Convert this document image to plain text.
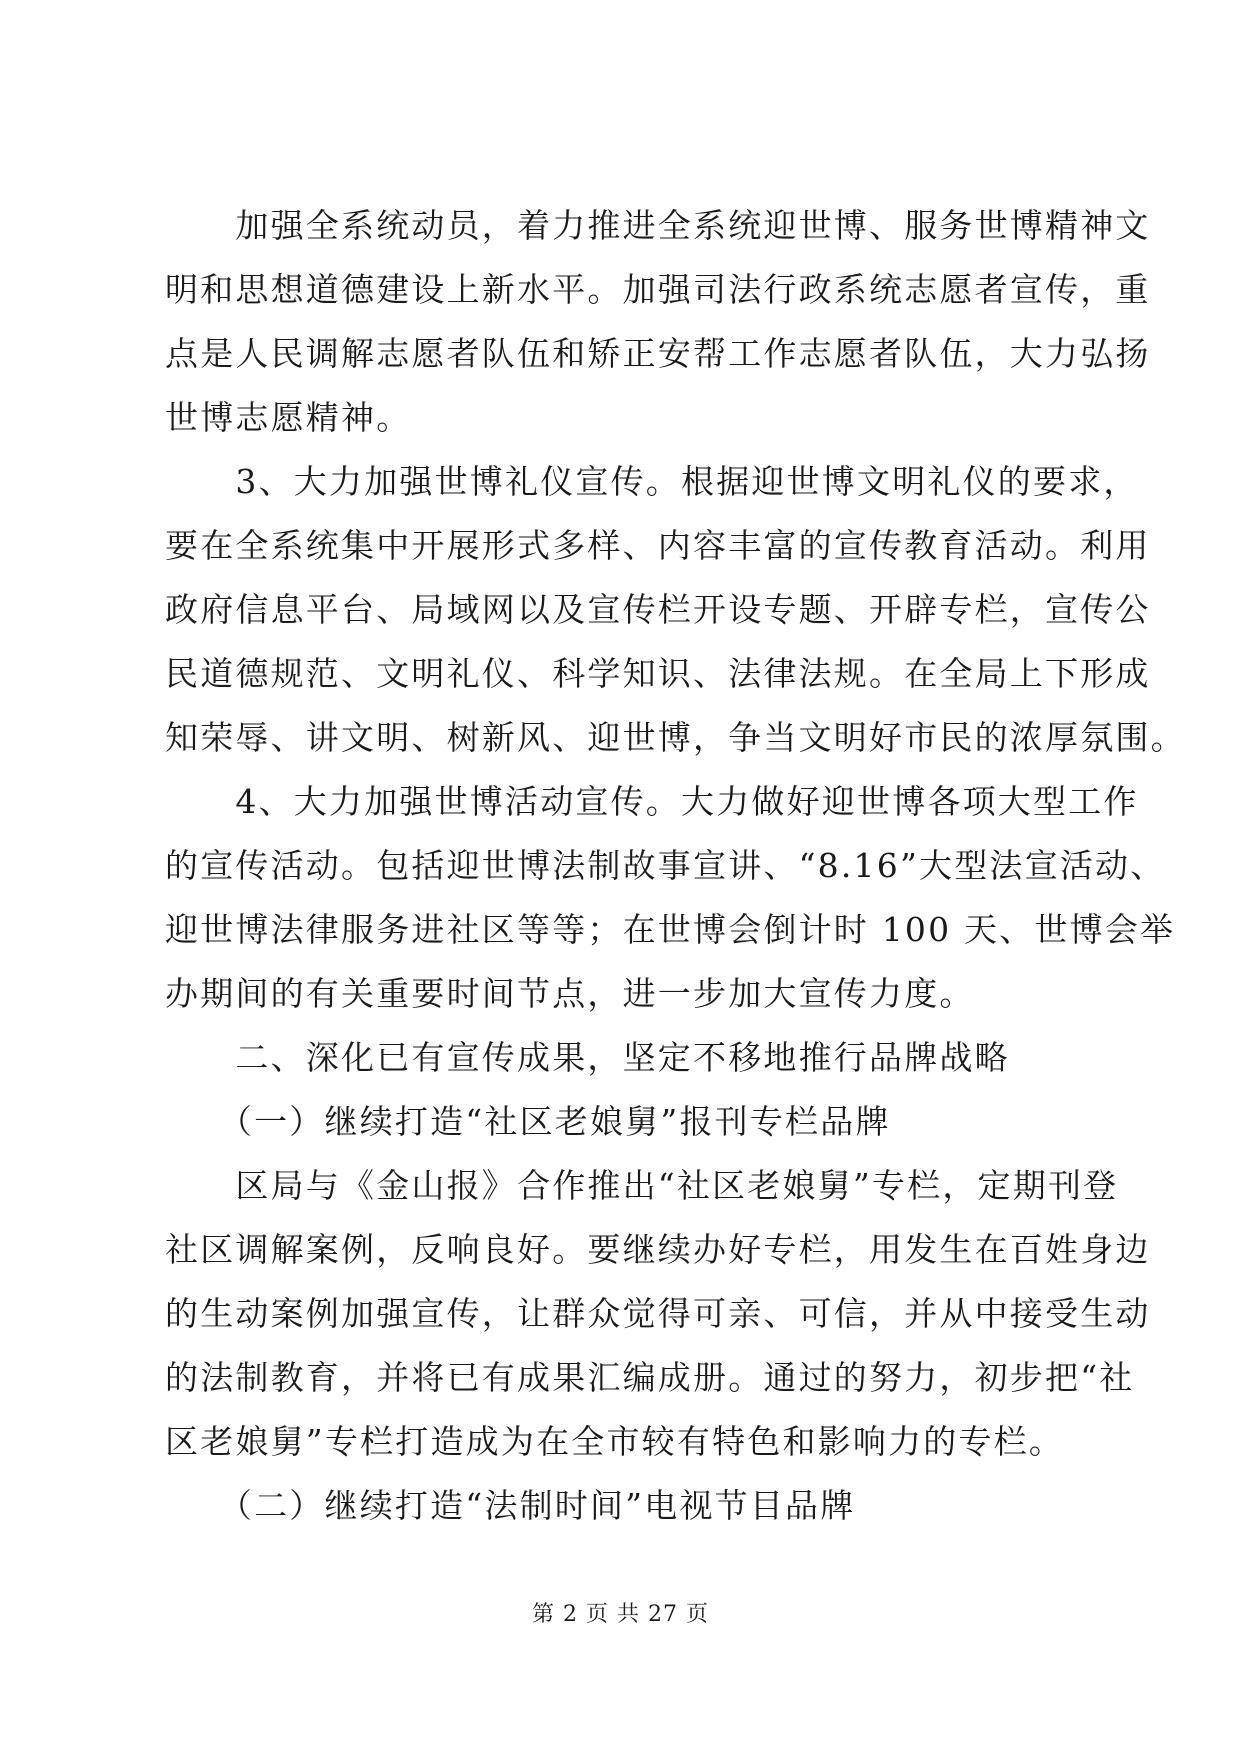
　　加强全系统动员，着力推进全系统迎世博、服务世博精神文
明和思想道德建设上新水平。加强司法行政系统志愿者宣传，重
点是人民调解志愿者队伍和矫正安帮工作志愿者队伍，大力弘扬
世博志愿精神。
　　3、大力加强世博礼仪宣传。根据迎世博文明礼仪的要求，
要在全系统集中开展形式多样、内容丰富的宣传教育活动。利用
政府信息平台、局域网以及宣传栏开设专题、开辟专栏，宣传公
民道德规范、文明礼仪、科学知识、法律法规。在全局上下形成
知荣辱、讲文明、树新风、迎世博，争当文明好市民的浓厚氛围。
　　4、大力加强世博活动宣传。大力做好迎世博各项大型工作
的宣传活动。包括迎世博法制故事宣讲、“8.16”大型法宣活动、
迎世博法律服务进社区等等；在世博会倒计时 100 天、世博会举
办期间的有关重要时间节点，进一步加大宣传力度。
　　二、深化已有宣传成果，坚定不移地推行品牌战略
　　（一）继续打造“社区老娘舅”报刊专栏品牌
　　区局与《金山报》合作推出“社区老娘舅”专栏，定期刊登
社区调解案例，反响良好。要继续办好专栏，用发生在百姓身边
的生动案例加强宣传，让群众觉得可亲、可信，并从中接受生动
的法制教育，并将已有成果汇编成册。通过的努力，初步把“社
区老娘舅”专栏打造成为在全市较有特色和影响力的专栏。
　　（二）继续打造“法制时间”电视节目品牌
第 2 页 共 27 页
